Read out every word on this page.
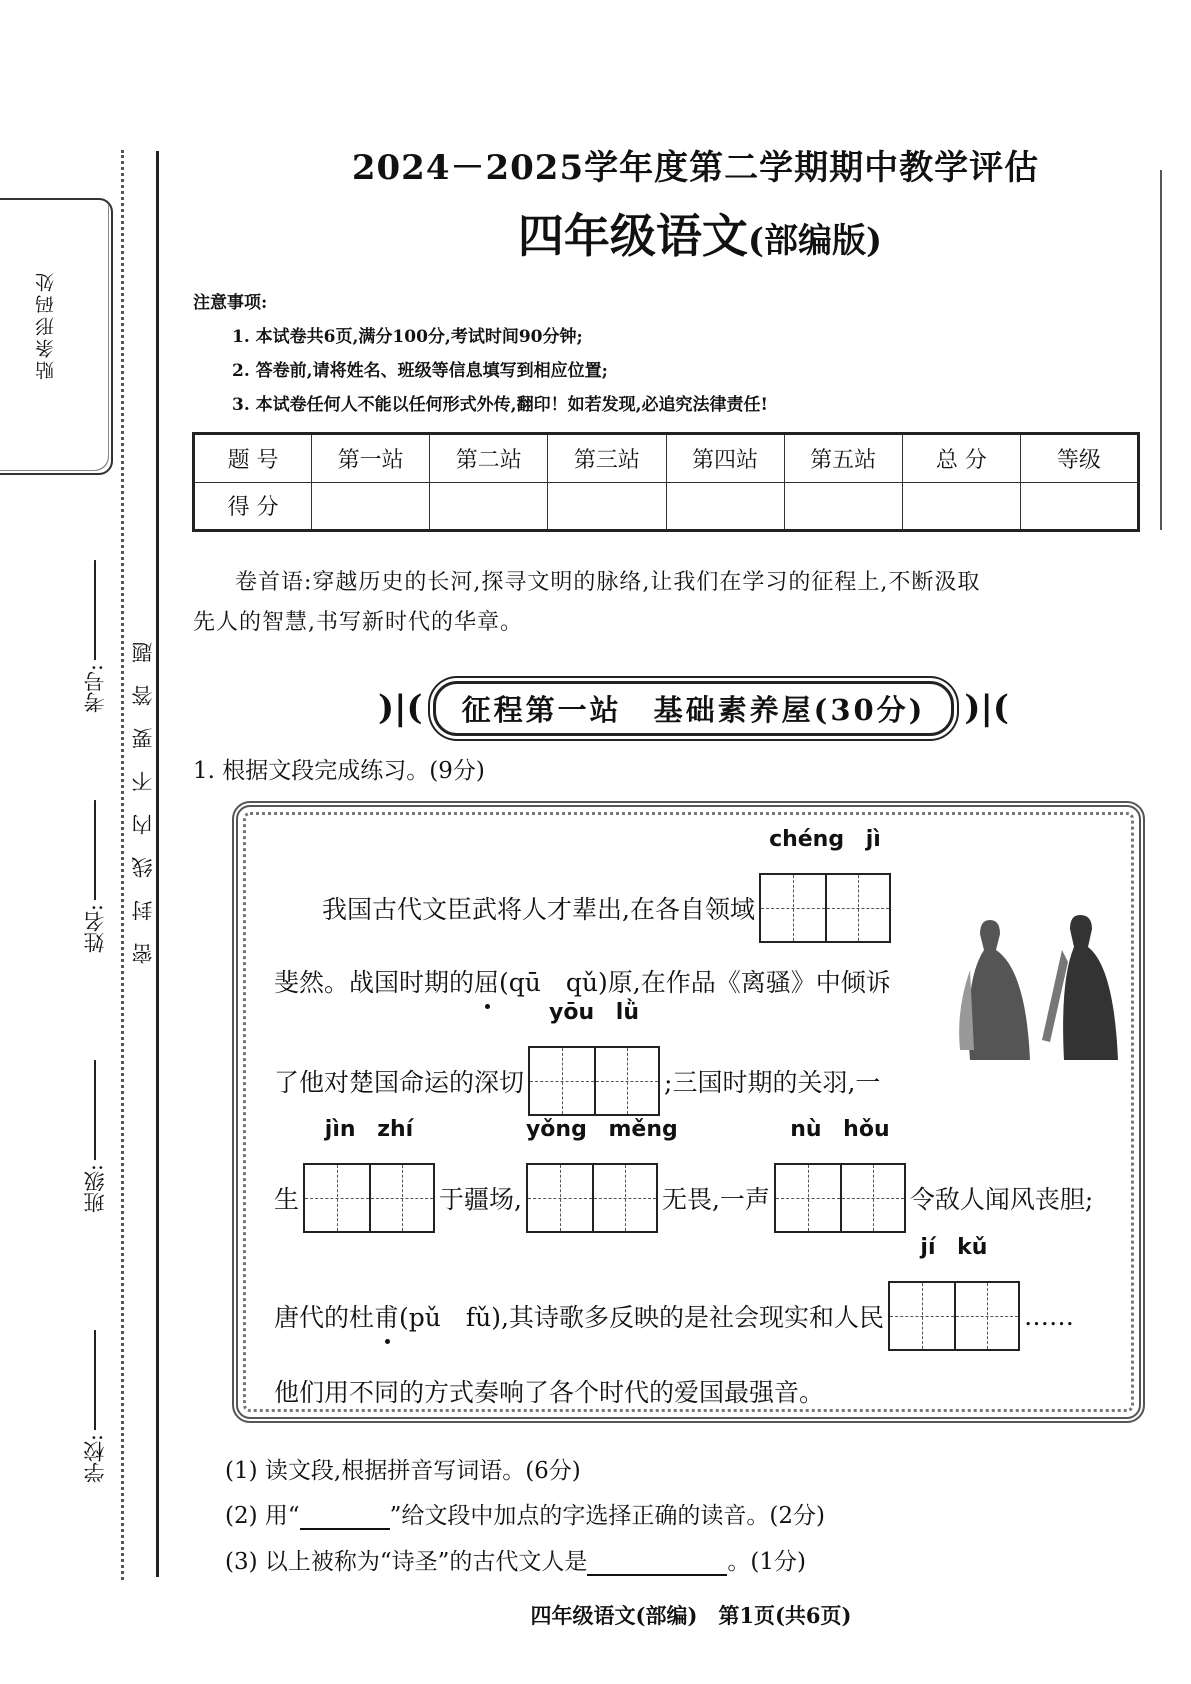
贴条形码处
考号:
姓名:
班级:
学校:
密封线内不要答题
2024－2025学年度第二学期期中教学评估
四年级语文(部编版)
注意事项:
1. 本试卷共6页,满分100分,考试时间90分钟;
2. 答卷前,请将姓名、班级等信息填写到相应位置;
3. 本试卷任何人不能以任何形式外传,翻印！如若发现,必追究法律责任!
题 号	第一站	第二站	第三站	第四站	第五站	总 分	等级
得 分							
卷首语:穿越历史的长河,探寻文明的脉络,让我们在学习的征程上,不断汲取
先人的智慧,书写新时代的华章。
)|(	征程第一站　基础素养屋(30分)	)|(
1. 根据文段完成练习。(9分)
我国古代文臣武将人才辈出,在各自领域
chéng jì
斐然。战国时期的 屈 (qū　qǔ)原,在作品《离骚》中倾诉
了他对楚国命运的深切
yōu lǜ
;三国时期的关羽,一
生
jìn zhí
于疆场,
yǒng měng
无畏,一声
nù hǒu
令敌人闻风丧胆;
唐代的杜 甫 (pǔ　fǔ),其诗歌多反映的是社会现实和人民
jí kǔ
……
他们用不同的方式奏响了各个时代的爱国最强音。
(1) 读文段,根据拼音写词语。(6分)
(2) 用“	”给文段中加点的字选择正确的读音。(2分)
(3) 以上被称为“诗圣”的古代文人是	。(1分)
四年级语文(部编)　第1页(共6页)
